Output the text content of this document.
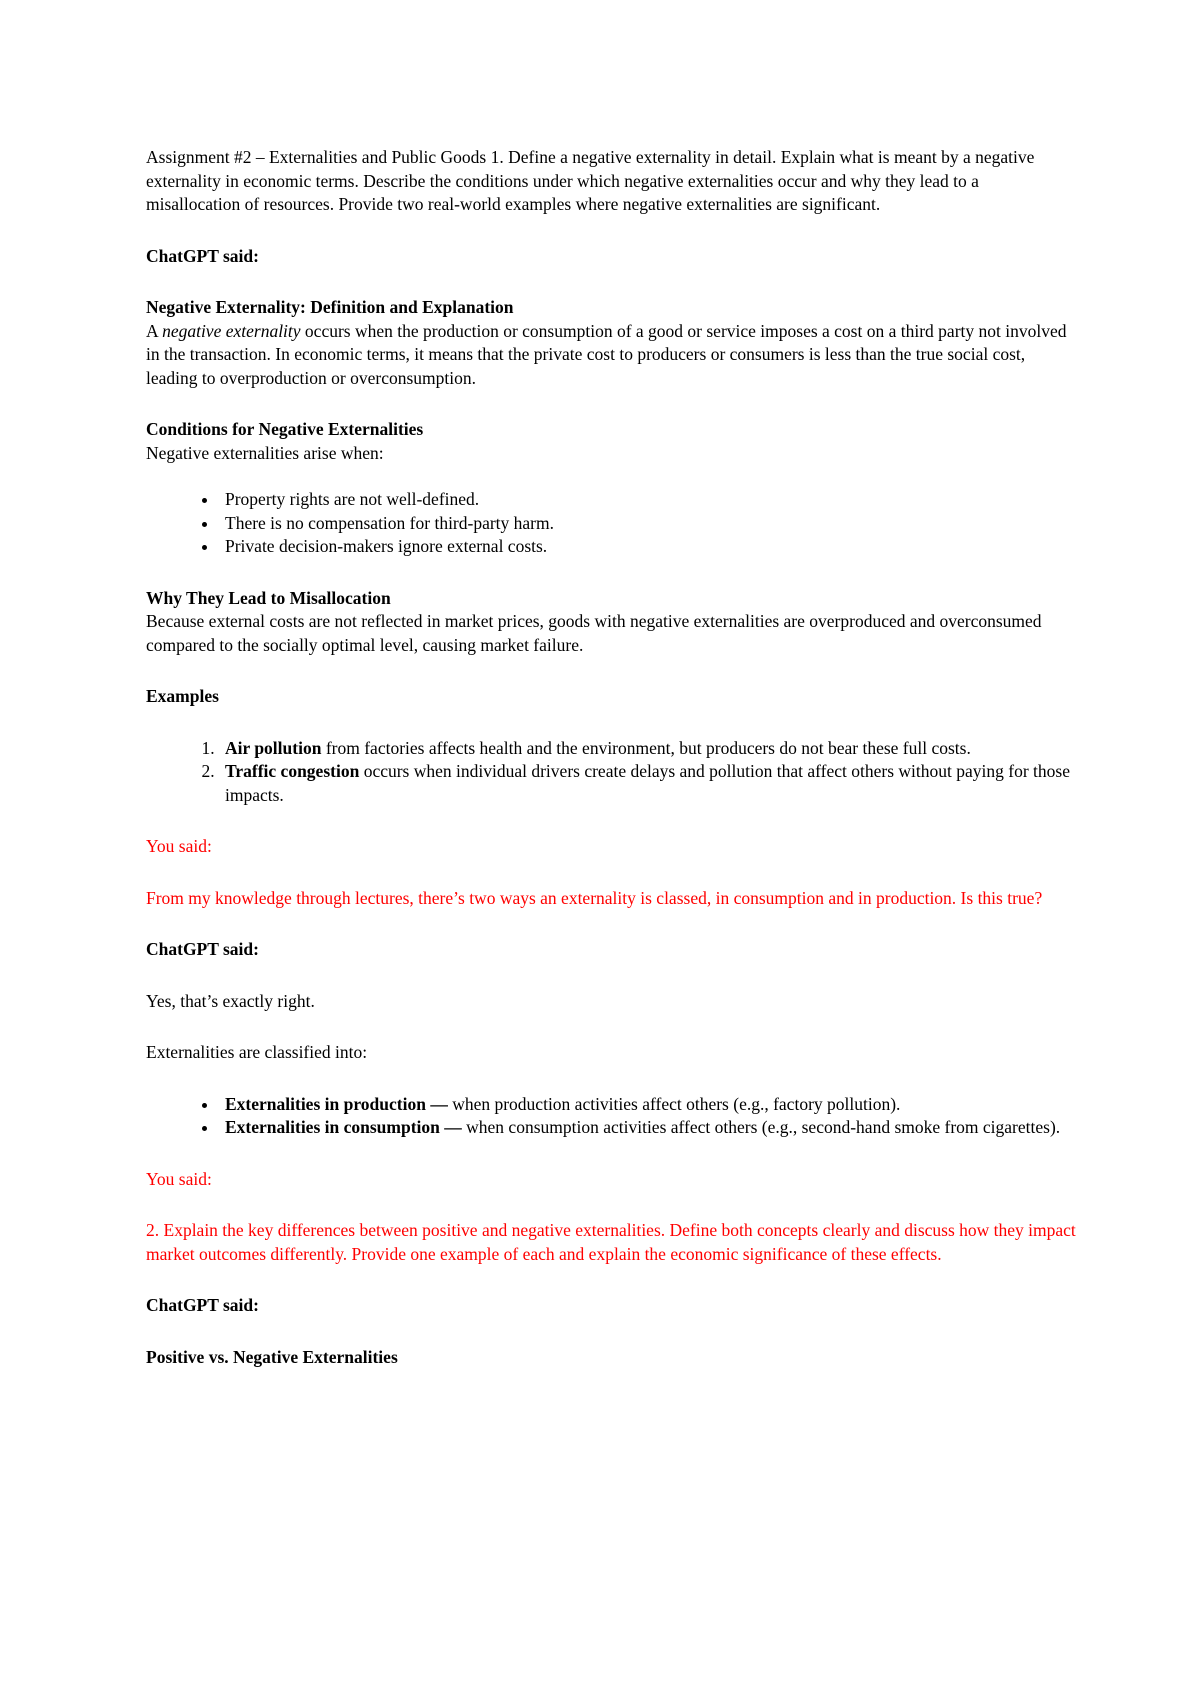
Assignment #2 – Externalities and Public Goods 1. Define a negative externality in detail. Explain what is meant by a negative externality in economic terms. Describe the conditions under which negative externalities occur and why they lead to a misallocation of resources. Provide two real-world examples where negative externalities are significant.

ChatGPT said:

Negative Externality: Definition and Explanation

A negative externality occurs when the production or consumption of a good or service imposes a cost on a third party not involved in the transaction. In economic terms, it means that the private cost to producers or consumers is less than the true social cost, leading to overproduction or overconsumption.

Conditions for Negative Externalities

Negative externalities arise when:

• Property rights are not well-defined.
• There is no compensation for third-party harm.
• Private decision-makers ignore external costs.

Why They Lead to Misallocation

Because external costs are not reflected in market prices, goods with negative externalities are overproduced and overconsumed compared to the socially optimal level, causing market failure.

Examples

1. Air pollution from factories affects health and the environment, but producers do not bear these full costs.
2. Traffic congestion occurs when individual drivers create delays and pollution that affect others without paying for those impacts.

You said:

From my knowledge through lectures, there’s two ways an externality is classed, in consumption and in production. Is this true?

ChatGPT said:

Yes, that’s exactly right.

Externalities are classified into:

• Externalities in production — when production activities affect others (e.g., factory pollution).
• Externalities in consumption — when consumption activities affect others (e.g., second-hand smoke from cigarettes).

You said:

2. Explain the key differences between positive and negative externalities. Define both concepts clearly and discuss how they impact market outcomes differently. Provide one example of each and explain the economic significance of these effects.

ChatGPT said:

Positive vs. Negative Externalities
